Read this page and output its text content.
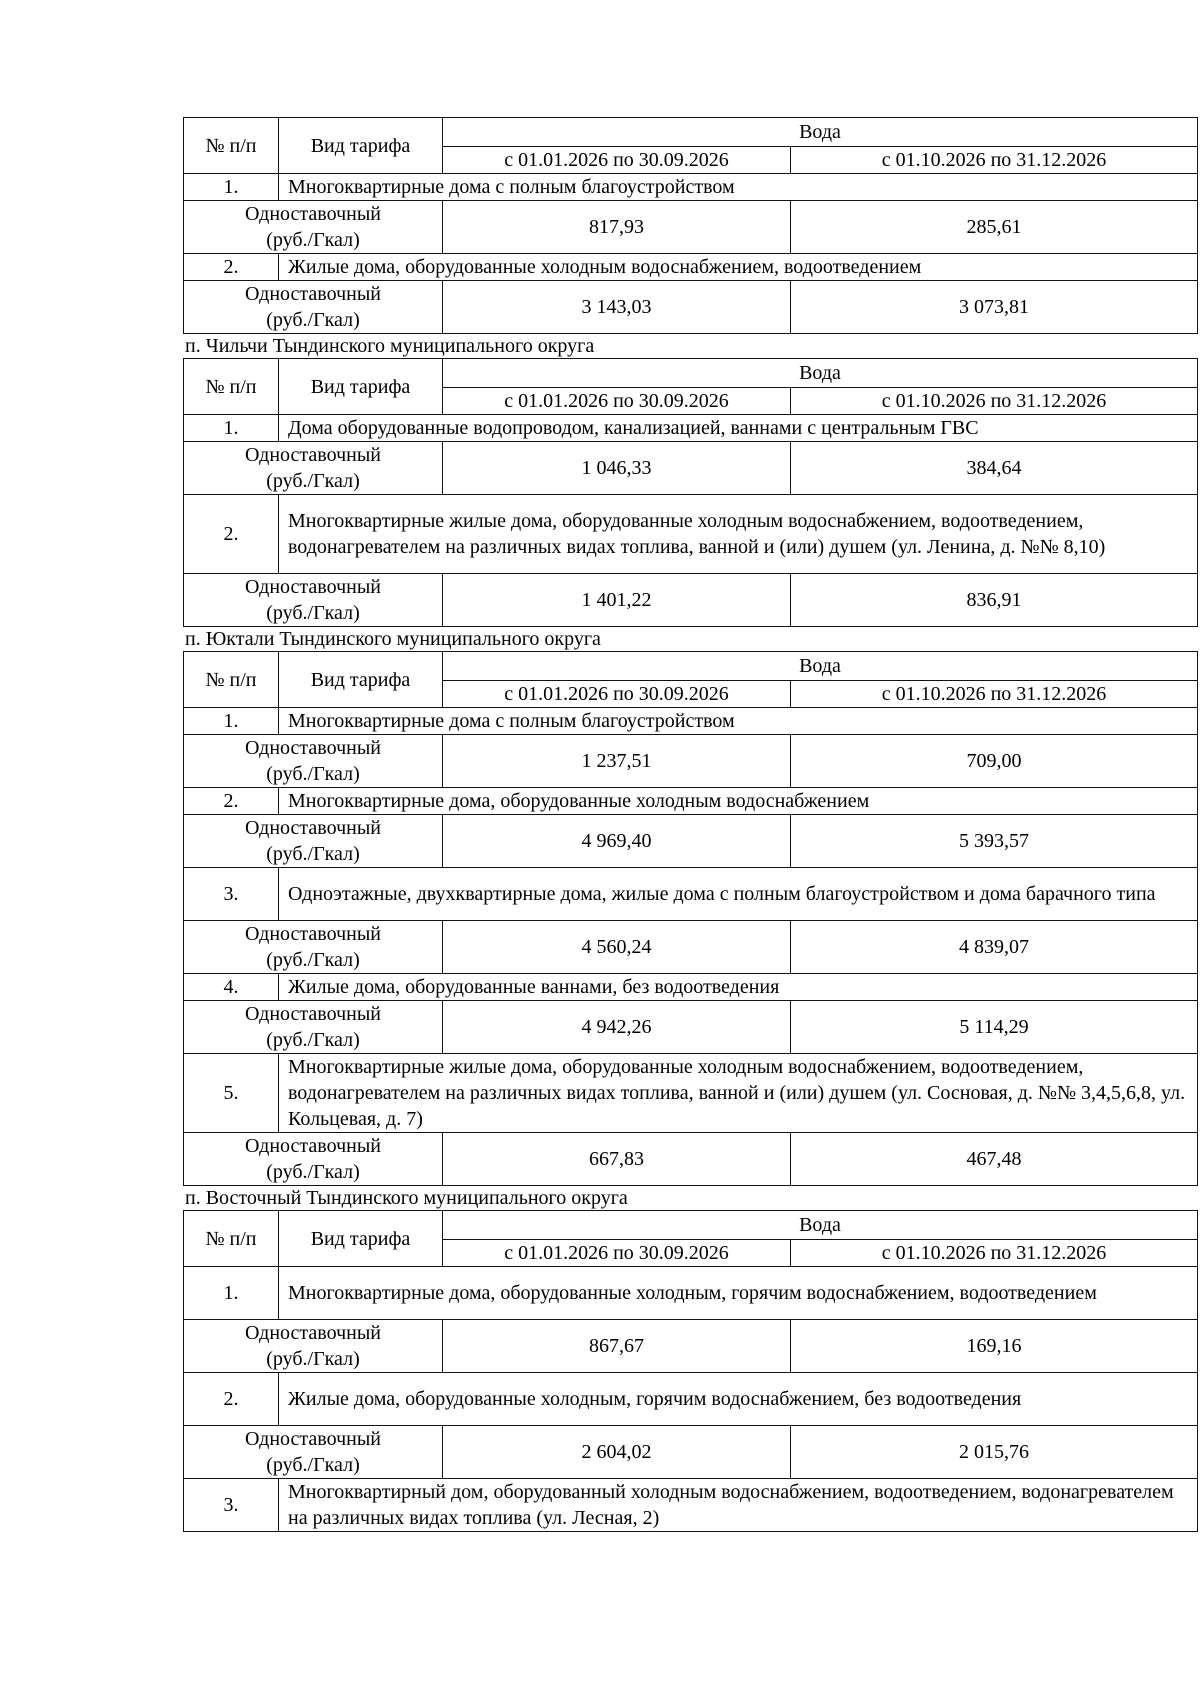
№ п/п	Вид тарифа	Вода	
		с 01.01.2026 по 30.09.2026	с 01.10.2026 по 31.12.2026
1.	Многоквартирные дома с полным благоустройством		

Одноставочный
(руб./Гкал)		817,93	285,61
2.	Жилые дома, оборудованные холодным водоснабжением, водоотведением		

Одноставочный
(руб./Гкал)		3 143,03	3 073,81
п. Чильчи Тындинского муниципального округа
№ п/п	Вид тарифа	Вода	
		с 01.01.2026 по 30.09.2026	с 01.10.2026 по 31.12.2026
1.	Дома оборудованные водопроводом, канализацией, ваннами с центральным ГВС		

Одноставочный
(руб./Гкал)		1 046,33	384,64
2.	Многоквартирные жилые дома, оборудованные холодным водоснабжением, водоотведением, водонагревателем на различных видах топлива, ванной и (или) душем (ул. Ленина, д. №№ 8,10)		

Одноставочный
(руб./Гкал)		1 401,22	836,91
п. Юктали Тындинского муниципального округа
№ п/п	Вид тарифа	Вода	
		с 01.01.2026 по 30.09.2026	с 01.10.2026 по 31.12.2026
1.	Многоквартирные дома с полным благоустройством		

Одноставочный
(руб./Гкал)		1 237,51	709,00
2.	Многоквартирные дома, оборудованные холодным водоснабжением		

Одноставочный
(руб./Гкал)		4 969,40	5 393,57
3.	Одноэтажные, двухквартирные дома, жилые дома с полным благоустройством и дома барачного типа		

Одноставочный
(руб./Гкал)		4 560,24	4 839,07
4.	Жилые дома, оборудованные ваннами, без водоотведения		

Одноставочный
(руб./Гкал)		4 942,26	5 114,29
5.	Многоквартирные жилые дома, оборудованные холодным водоснабжением, водоотведением, водонагревателем на различных видах топлива, ванной и (или) душем (ул. Сосновая, д. №№ 3,4,5,6,8, ул. Кольцевая, д. 7)		

Одноставочный
(руб./Гкал)		667,83	467,48
п. Восточный Тындинского муниципального округа
№ п/п	Вид тарифа	Вода	
		с 01.01.2026 по 30.09.2026	с 01.10.2026 по 31.12.2026
1.	Многоквартирные дома, оборудованные холодным, горячим водоснабжением, водоотведением		

Одноставочный
(руб./Гкал)		867,67	169,16
2.	Жилые дома, оборудованные холодным, горячим водоснабжением, без водоотведения		

Одноставочный
(руб./Гкал)		2 604,02	2 015,76
3.	Многоквартирный дом, оборудованный холодным водоснабжением, водоотведением, водонагревателем на различных видах топлива (ул. Лесная, 2)		
